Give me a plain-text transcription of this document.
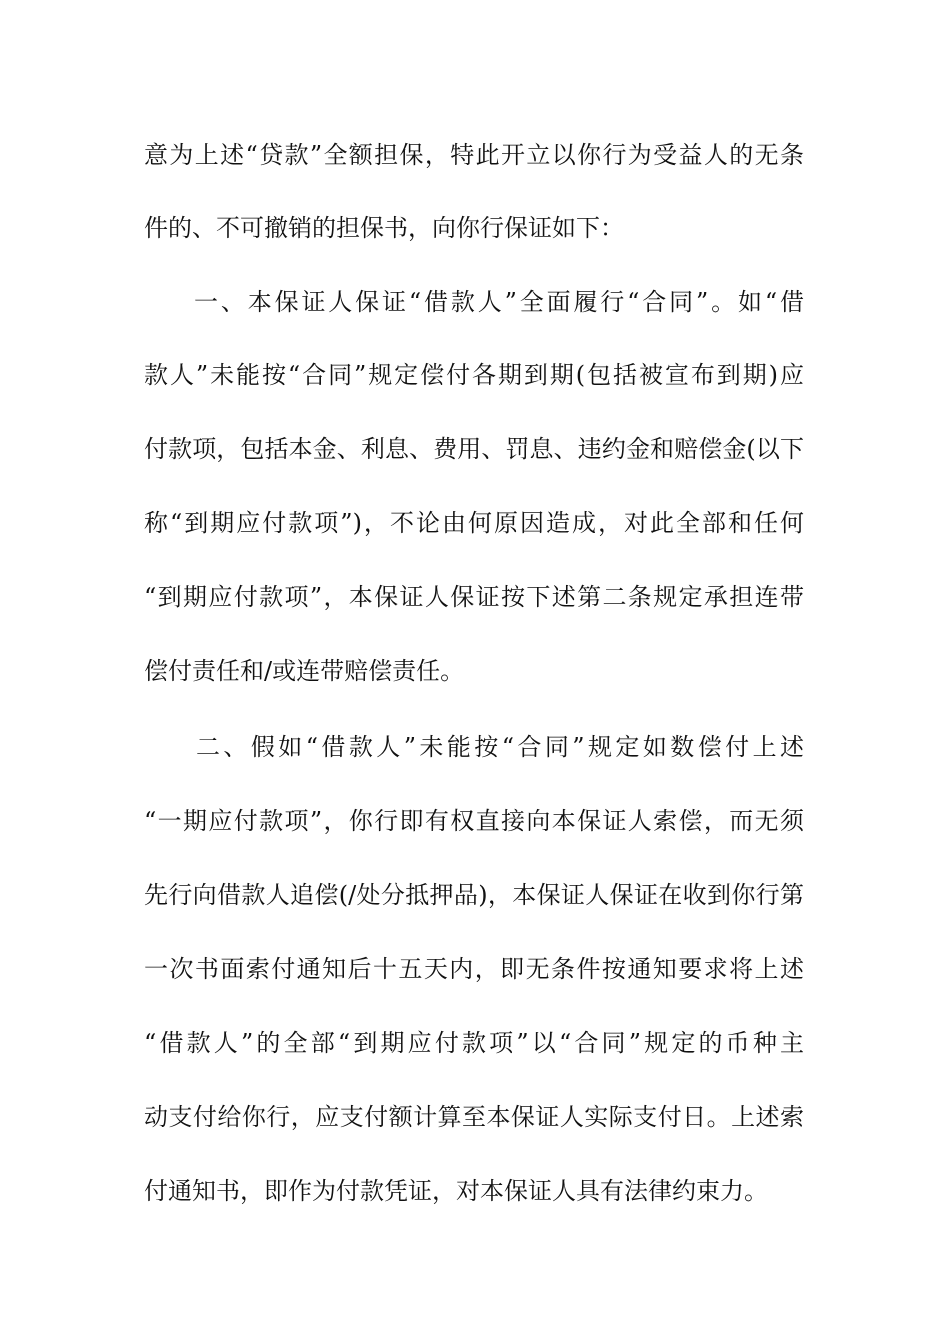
意为上述“贷款”全额担保，特此开立以你行为受益人的无条
件的、不可撤销的担保书，向你行保证如下：
一、本保证人保证“借款人”全面履行“合同”。如“借
款人”未能按“合同”规定偿付各期到期(包括被宣布到期)应
付款项，包括本金、利息、费用、罚息、违约金和赔偿金(以下
称“到期应付款项”)，不论由何原因造成，对此全部和任何
“到期应付款项”，本保证人保证按下述第二条规定承担连带
偿付责任和/或连带赔偿责任。
二、假如“借款人”未能按“合同”规定如数偿付上述
“一期应付款项”，你行即有权直接向本保证人索偿，而无须
先行向借款人追偿(/处分抵押品)，本保证人保证在收到你行第
一次书面索付通知后十五天内，即无条件按通知要求将上述
“借款人”的全部“到期应付款项”以“合同”规定的币种主
动支付给你行，应支付额计算至本保证人实际支付日。上述索
付通知书，即作为付款凭证，对本保证人具有法律约束力。
